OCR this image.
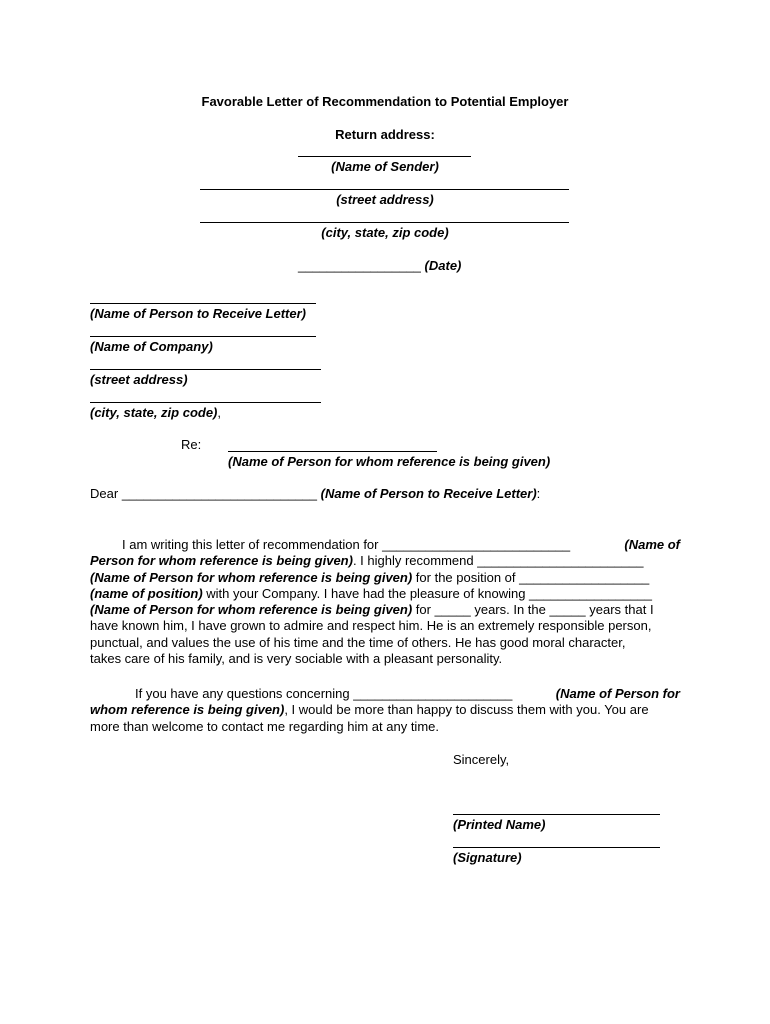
Favorable Letter of Recommendation to Potential Employer
Return address:
(Name of Sender)
(street address)
(city, state, zip code)
_________________ (Date)
(Name of Person to Receive Letter)
(Name of Company)
(street address)
(city, state, zip code),
Re:
(Name of Person for whom reference is being given)
Dear ___________________________ (Name of Person to Receive Letter):
I am writing this letter of recommendation for __________________________	(Name of
Person for whom reference is being given). I highly recommend _______________________
(Name of Person for whom reference is being given) for the position of __________________
(name of position) with your Company. I have had the pleasure of knowing _________________
(Name of Person for whom reference is being given) for _____ years. In the _____ years that I
have known him, I have grown to admire and respect him. He is an extremely responsible person,
punctual, and values the use of his time and the time of others. He has good moral character,
takes care of his family, and is very sociable with a pleasant personality.
If you have any questions concerning ______________________	(Name of Person for
whom reference is being given), I would be more than happy to discuss them with you. You are
more than welcome to contact me regarding him at any time.
Sincerely,
(Printed Name)
(Signature)
